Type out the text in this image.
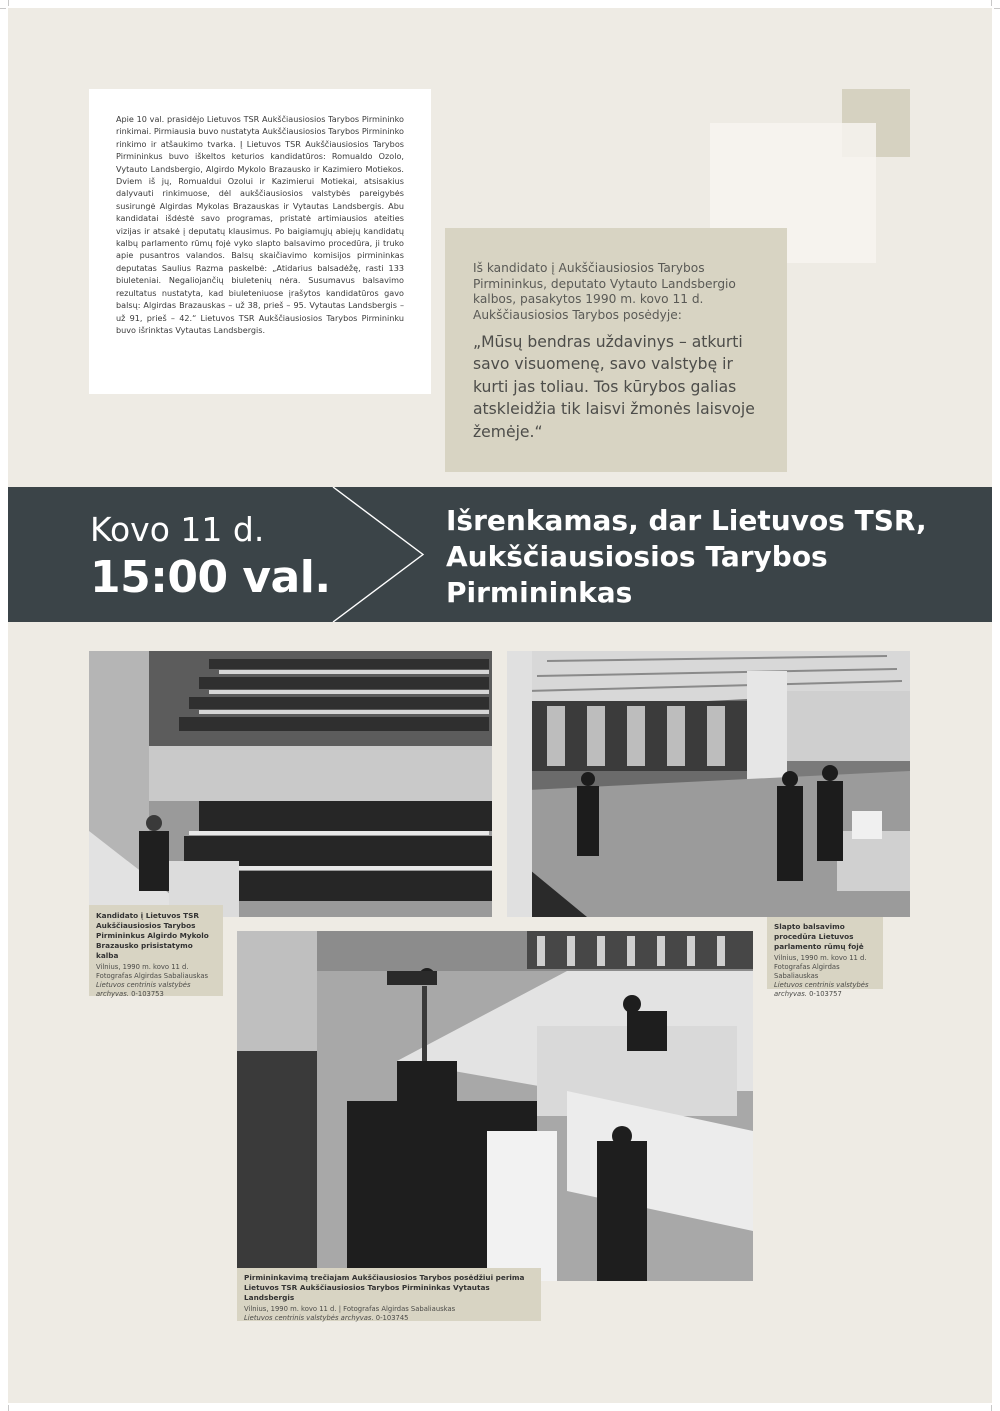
Apie 10 val. prasidėjo Lietuvos TSR Aukščiausiosios Tarybos Pirmininko rinkimai. Pirmiausia buvo nustatyta Aukščiausiosios Tarybos Pirmininko rinkimo ir atšaukimo tvarka. Į Lietuvos TSR Aukščiausiosios Tarybos Pirmininkus buvo iškeltos keturios kandidatūros: Romualdo Ozolo, Vytauto Landsbergio, Algirdo Mykolo Brazausko ir Kazimiero Motiekos. Dviem iš jų, Romualdui Ozolui ir Kazimierui Motiekai, atsisakius dalyvauti rinkimuose, dėl aukščiausiosios valstybės pareigybės susirungė Algirdas Mykolas Brazauskas ir Vytautas Landsbergis. Abu kandidatai išdėstė savo programas, pristatė artimiausios ateities vizijas ir atsakė į deputatų klausimus. Po baigiamųjų abiejų kandidatų kalbų parlamento rūmų fojė vyko slapto balsavimo procedūra, ji truko apie pusantros valandos. Balsų skaičiavimo komisijos pirmininkas deputatas Saulius Razma paskelbė: „Atidarius balsadėžę, rasti 133 biuleteniai. Negaliojančių biuletenių nėra. Susumavus balsavimo rezultatus nustatyta, kad biuleteniuose įrašytos kandidatūros gavo balsų: Algirdas Brazauskas – už 38, prieš – 95. Vytautas Landsbergis – už 91, prieš – 42.“ Lietuvos TSR Aukščiausiosios Tarybos Pirmininku buvo išrinktas Vytautas Landsbergis.

Iš kandidato į Aukščiausiosios Tarybos Pirmininkus, deputato Vytauto Landsbergio kalbos, pasakytos 1990 m. kovo 11 d. Aukščiausiosios Tarybos posėdyje:

„Mūsų bendras uždavinys – atkurti savo visuomenę, savo valstybę ir kurti jas toliau. Tos kūrybos galias atskleidžia tik laisvi žmonės laisvoje žemėje.“

Kovo 11 d.
15:00 val.
Išrenkamas, dar Lietuvos TSR, Aukščiausiosios Tarybos Pirmininkas
Kandidato į Lietuvos TSR Aukščiausiosios Tarybos Pirmininkus Algirdo Mykolo Brazausko prisistatymo kalba
Vilnius, 1990 m. kovo 11 d.
Fotografas Algirdas Sabaliauskas
Lietuvos centrinis valstybės archyvas. 0-103753
Slapto balsavimo procedūra Lietuvos parlamento rūmų fojė
Vilnius, 1990 m. kovo 11 d.
Fotografas Algirdas Sabaliauskas
Lietuvos centrinis valstybės archyvas. 0-103757
Pirmininkavimą trečiajam Aukščiausiosios Tarybos posėdžiui perima Lietuvos TSR Aukščiausiosios Tarybos Pirmininkas Vytautas Landsbergis
Vilnius, 1990 m. kovo 11 d. | Fotografas Algirdas Sabaliauskas
Lietuvos centrinis valstybės archyvas. 0-103745
